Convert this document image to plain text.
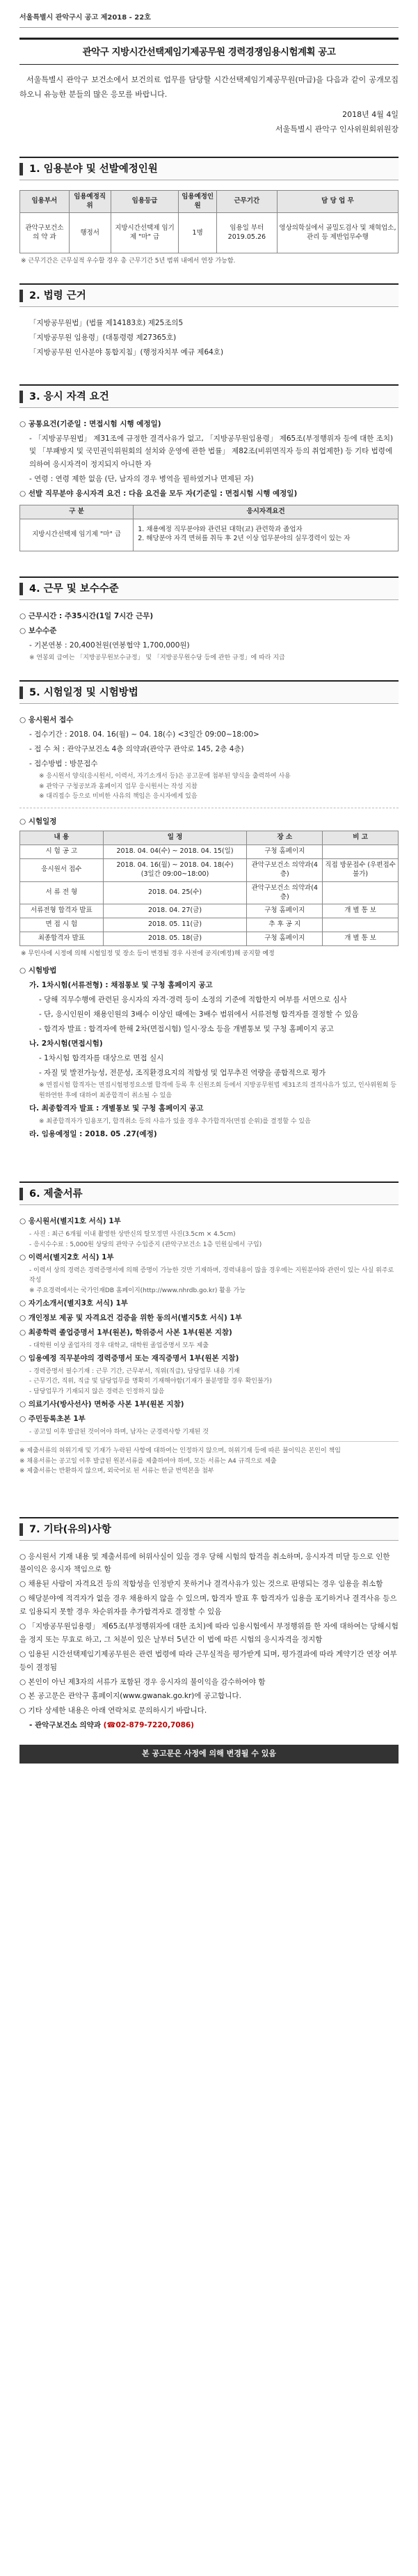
서울특별시 관악구시 공고 제2018 - 22호
관악구 지방시간선택제임기제공무원 경력경쟁임용시험계획 공고

서울특별시 관악구 보건소에서 보건의료 업무를 담당할 시간선택제임기제공무원(마급)을 다음과 같이 공개모집하오니 유능한 분들의 많은 응모를 바랍니다.

2018년 4월 4일

서울특별시 관악구 인사위원회위원장

1. 임용분야 및 선발예정인원
임용부서	임용예정직 위	임용등급	임용예정인원	근무기간	담 당 업 무
관악구보건소 의 약 과	행정서	지방시간선택제 임기제 "마" 급	1명	임용일 부터 2019.05.26	영상의학실에서 골밀도검사 및 채혁업소, 관리 등 제반업무수행

※ 근무기간은 근무실적 우수할 경우 총 근무기간 5년 범위 내에서 연장 가능함.

2. 법령 근거

「지방공무원법」(법률 제14183호) 제25조의5

「지방공무원 임용령」(대통령령 제27365호)

「지방공무원 인사분야 통합지침」(행정자치부 예규 제64호)

3. 응시 자격 요건

○ 공통요건(기준일 : 면접시험 시행 예정일)

- 「지방공무원법」 제31조에 규정한 결격사유가 없고, 「지방공무원임용령」 제65조(부정행위자 등에 대한 조치) 및 「부패방지 및 국민권익위원회의 설치와 운영에 관한 법률」 제82조(비위면직자 등의 취업제한) 등 기타 법령에 의하여 응시자격이 정지되지 아니한 자

- 연령 : 연령 제한 없음 (단, 남자의 경우 병역을 필하였거나 면제된 자)

○ 선발 직무분야 응시자격 요건 : 다음 요건을 모두 자(기준일 : 면접시험 시행 예정일)

구 분	응시자격요건
지방시간선택제 임기제 "마" 급	1. 채용예정 직무분야와 관련된 대학(교) 관련학과 졸업자
2. 해당분야 자격 면허를 취득 후 2년 이상 업무분야의 실무경력이 있는 자
4. 근무 및 보수수준

○ 근무시간 : 주35시간(1일 7시간 근무)

○ 보수수준

- 기본연봉 : 20,400천원(연봉협약 1,700,000원)

※ 연봉외 급여는 「지방공무원보수규정」 및 「지방공무원수당 등에 관한 규정」에 따라 지급

5. 시험일정 및 시험방법

○ 응시원서 접수

- 접수기간 : 2018. 04. 16(월) ~ 04. 18(수) <3일간 09:00~18:00>

- 접 수 처 : 관악구보건소 4층 의약과(관악구 관악로 145, 2층 4층)

- 접수방법 : 방문접수

※ 응시원서 양식(응시원서, 이력서, 자기소개서 등)은 공고문에 첨부된 양식을 출력하여 사용

※ 관악구 구청공보과 홈페이지 업무 응시원서는 작성 지참

※ 대리접수 등으로 미비한 사유의 책임은 응시자에게 있음

○ 시험일정

내 용	일 정	장 소	비 고
시 험 공 고	2018. 04. 04(수) ~ 2018. 04. 15(일)	구청 홈페이지	
응시원서 접수	2018. 04. 16(월) ~ 2018. 04. 18(수)
(3일간 09:00~18:00)	관악구보건소 의약과(4층)	직접 방문접수 (우편접수불가)
서 류 전 형	2018. 04. 25(수)	관악구보건소 의약과(4층)	
서류전형 합격자 발표	2018. 04. 27(금)	구청 홈페이지	개 별 통 보
면 접 시 험	2018. 05. 11(금)	추 후 공 지	
최종합격자 발표	2018. 05. 18(금)	구청 홈페이지	개 별 통 보

※ 무인사에 시정에 의해 시험일정 및 장소 등이 변경될 경우 사전에 공지(예정)해 공지할 예정

○ 시험방법

가. 1차시험(서류전형) : 채점통보 및 구청 홈페이지 공고

- 당해 직무수행에 관련된 응시자의 자격·경력 등이 소정의 기준에 적합한지 여부를 서면으로 심사

- 단, 응시인원이 채용인원의 3배수 이상인 때에는 3배수 범위에서 서류전형 합격자를 결정할 수 있음

- 합격자 발표 : 합격자에 한해 2차(면접시험) 일시·장소 등을 개별통보 및 구청 홈페이지 공고

나. 2차시험(면접시험)

- 1차시험 합격자를 대상으로 면접 실시

- 자질 및 발전가능성, 전문성, 조직환경요지의 적합성 및 업무추진 역량을 종합적으로 평가

※ 면접시험 합격자는 면접시험평정요소별 합격에 등록 후 신원조회 등에서 지방공무원법 제31조의 결격사유가 있고, 인사위원회 등원하연한 후에 대하여 최종합격이 취소될 수 있음

다. 최종합격자 발표 : 개별통보 및 구청 홈페이지 공고

※ 최종합격자가 임용포기, 합격취소 등의 사유가 있을 경우 추가합격자(면접 순위)를 결정할 수 있음

라. 임용예정일 : 2018. 05 .27(예정)

6. 제출서류

○ 응시원서(별지1호 서식) 1부

- 사진 : 최근 6개월 이내 촬영한 상반신의 탈모정면 사진(3.5cm × 4.5cm)

- 응시수수료 : 5,000원 상당의 관악구 수입증지 (관악구보건소 1층 민원실에서 구입)

○ 이력서(별지2호 서식) 1부

- 이력서 상의 경력은 경력증명서에 의해 증명이 가능한 것만 기재하며, 경력내용이 많을 경우에는 지원분야와 관련이 있는 사실 위주로 작성

※ 주요경력에서는 국가인재DB 홈페이지(http://www.nhrdb.go.kr) 활용 가능

○ 자기소개서(별지3호 서식) 1부

○ 개인정보 제공 및 자격요건 검증을 위한 동의서(별지5호 서식) 1부

○ 최종학력 졸업증명서 1부(원본), 학위증서 사본 1부(원본 지참)

- 대학원 이상 졸업자의 경우 대학교, 대학원 졸업증명서 모두 제출

○ 임용예정 직무분야의 경력증명서 또는 재직증명서 1부(원본 지참)

- 경력증명서 필수기재 : 근무 기간, 근무부서, 직위(직급), 담당업무 내용 기재

- 근무기간, 직위, 직급 및 담당업무를 명확히 기재해야함(기재가 불분명할 경우 확인불가)

- 담당업무가 기재되지 않은 경력은 인정하지 않음

○ 의료기사(방사선사) 면허증 사본 1부(원본 지참)

○ 주민등록초본 1부

- 공고일 이후 발급된 것이어야 하며, 남자는 군경력사항 기재된 것

※ 제출서류의 허위기재 및 기재가 누락된 사항에 대하여는 인정하지 않으며, 허위기재 등에 따른 불이익은 본인이 책임

※ 채용서류는 공고일 이후 발급된 원본서류를 제출하여야 하며, 모든 서류는 A4 규격으로 제출

※ 제출서류는 반환하지 않으며, 외국어로 된 서류는 한글 번역본을 첨부

7. 기타(유의)사항

○ 응시원서 기재 내용 및 제출서류에 허위사실이 있을 경우 당해 시험의 합격을 취소하며, 응시자격 미달 등으로 인한 불이익은 응시자 책임으로 함

○ 채용된 사람이 자격요건 등의 적합성을 인정받지 못하거나 결격사유가 있는 것으로 판명되는 경우 임용을 취소함

○ 해당분야에 적격자가 없을 경우 채용하지 않을 수 있으며, 합격자 발표 후 합격자가 임용을 포기하거나 결격사유 등으로 임용되지 못할 경우 차순위자를 추가합격자로 결정할 수 있음

○ 「지방공무원임용령」 제65조(부정행위자에 대한 조치)에 따라 임용시험에서 부정행위를 한 자에 대하여는 당해시험을 정지 또는 무효로 하고, 그 처분이 있은 날부터 5년간 이 법에 따른 시험의 응시자격을 정지함

○ 임용된 시간선택제임기제공무원은 관련 법령에 따라 근무실적을 평가받게 되며, 평가결과에 따라 계약기간 연장 여부 등이 결정됨

○ 본인이 아닌 제3자의 서류가 포함된 경우 응시자의 불이익을 감수하여야 함

○ 본 공고문은 관악구 홈페이지(www.gwanak.go.kr)에 공고합니다.

○ 기타 상세한 내용은 아래 연락처로 문의하시기 바랍니다.

- 관악구보건소 의약과 (☎02-879-7220,7086)

본 공고문은 사정에 의해 변경될 수 있음
